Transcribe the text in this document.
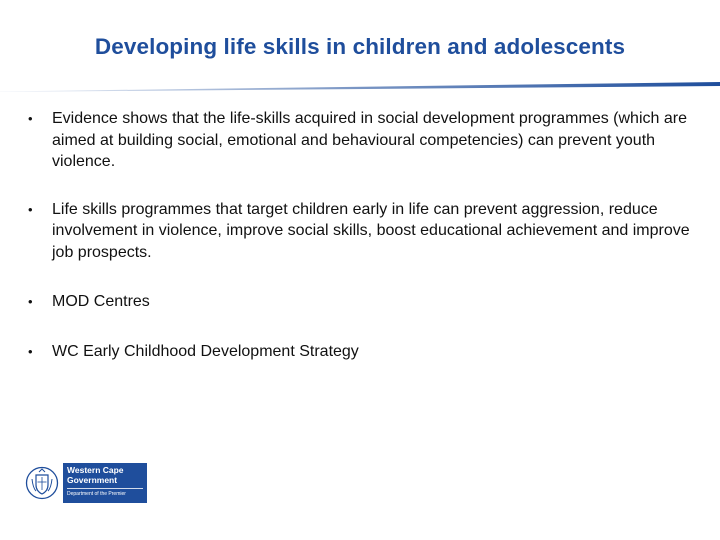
Developing life skills in children and adolescents
• Evidence shows that the life-skills acquired in social development programmes (which are aimed at building social, emotional and behavioural competencies) can prevent youth violence.
• Life skills programmes that target children early in life can prevent aggression, reduce involvement in violence, improve social skills, boost educational achievement and improve job prospects.
• MOD Centres
• WC Early Childhood Development Strategy
Western Cape
Government
Department of the Premier
